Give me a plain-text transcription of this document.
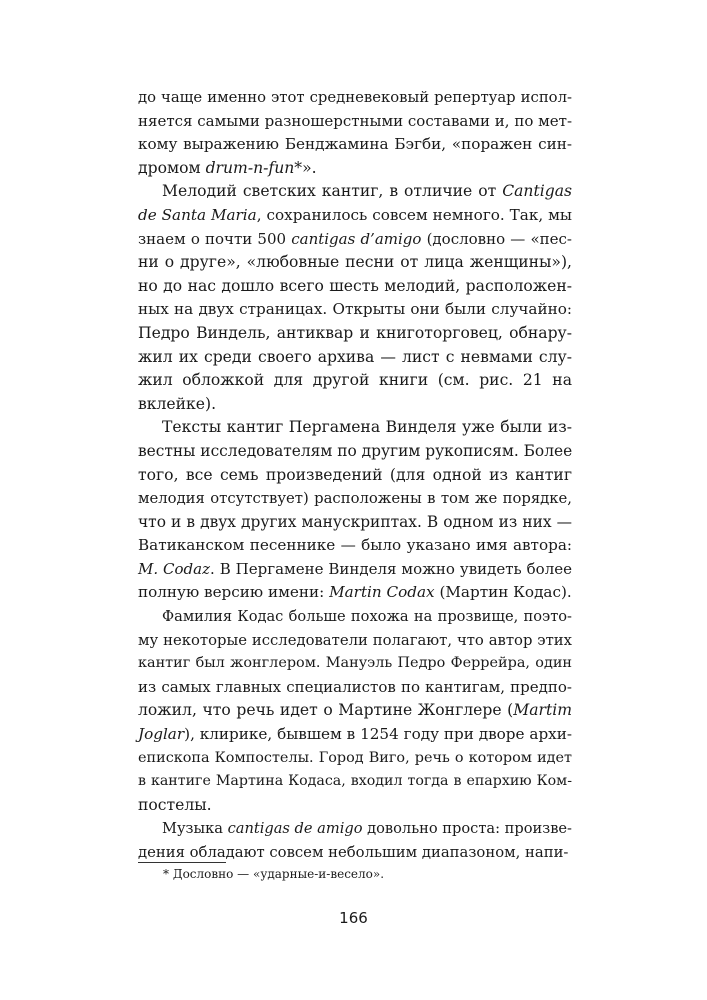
до чаще именно этот средневековый репертуар испол-
няется самыми разношерстными составами и, по мет-
кому выражению Бенджамина Бэгби, «поражен син-
дромом drum-n-fun*».
Мелодий светских кантиг, в отличие от Cantigas
de Santa Maria, сохранилось совсем немного. Так, мы
знаем о почти 500 cantigas d’amigo (дословно — «пес-
ни о друге», «любовные песни от лица женщины»),
но до нас дошло всего шесть мелодий, расположен-
ных на двух страницах. Открыты они были случайно:
Педро Виндель, антиквар и книготорговец, обнару-
жил их среди своего архива — лист с невмами слу-
жил обложкой для другой книги (см. рис. 21 на
вклейке).
Тексты кантиг Пергамена Винделя уже были из-
вестны исследователям по другим рукописям. Более
того, все семь произведений (для одной из кантиг
мелодия отсутствует) расположены в том же порядке,
что и в двух других манускриптах. В одном из них —
Ватиканском песеннике — было указано имя автора:
M. Codaz. В Пергамене Винделя можно увидеть более
полную версию имени: Martin Codax (Мартин Кодас).
Фамилия Кодас больше похожа на прозвище, поэто-
му некоторые исследователи полагают, что автор этих
кантиг был жонглером. Мануэль Педро Феррейра, один
из самых главных специалистов по кантигам, предпо-
ложил, что речь идет о Мартине Жонглере (Martim
Joglar), клирике, бывшем в 1254 году при дворе архи-
епископа Компостелы. Город Виго, речь о котором идет
в кантиге Мартина Кодаса, входил тогда в епархию Ком-
постелы.
Музыка cantigas de amigo довольно проста: произве-
дения обладают совсем небольшим диапазоном, напи-
* Дословно — «ударные-и-весело».
166
